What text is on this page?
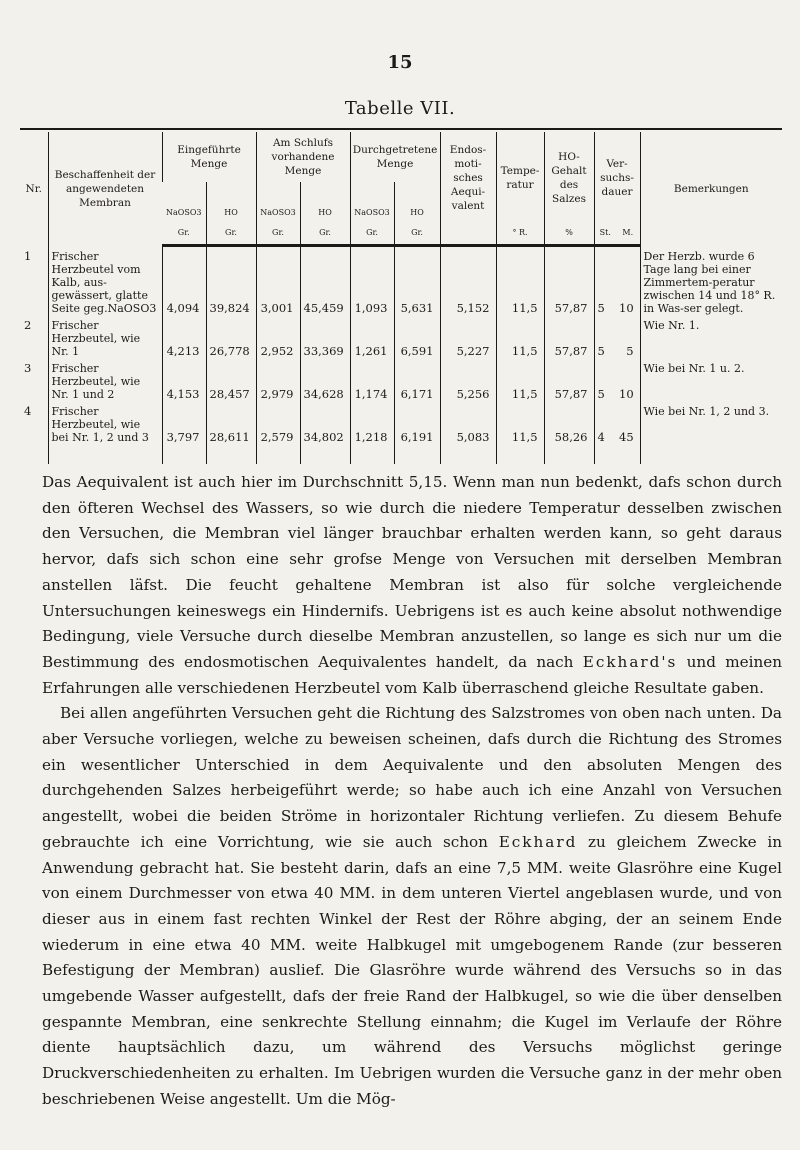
15
Tabelle VII.
Nr.	Beschaffenheit der angewendeten Membran	Eingeführte Menge		Am Schlufs vorhandene Menge		Durchgetretene Menge		Endos-moti-sches Aequi-valent	Tempe-ratur	HO-Gehalt des Salzes	Ver-suchs-dauer		Bemerkungen
		NaOSO3	HO	NaOSO3	HO	NaOSO3	HO						
		Gr.	Gr.	Gr.	Gr.	Gr.	Gr.		° R.	%	St.	M.	
1	Frischer Herzbeutel vom Kalb, aus-gewässert, glatte Seite geg.NaOSO3	4,094	39,824	3,001	45,459	1,093	5,631	5,152	11,5	57,87	5	10	Der Herzb. wurde 6 Tage lang bei einer Zimmertem-peratur zwischen 14 und 18° R. in Was-ser gelegt.
2	Frischer Herzbeutel, wie Nr. 1	4,213	26,778	2,952	33,369	1,261	6,591	5,227	11,5	57,87	5	5	Wie Nr. 1.
3	Frischer Herzbeutel, wie Nr. 1 und 2	4,153	28,457	2,979	34,628	1,174	6,171	5,256	11,5	57,87	5	10	Wie bei Nr. 1 u. 2.
4	Frischer Herzbeutel, wie bei Nr. 1, 2 und 3	3,797	28,611	2,579	34,802	1,218	6,191	5,083	11,5	58,26	4	45	Wie bei Nr. 1, 2 und 3.

Das Aequivalent ist auch hier im Durchschnitt 5,15. Wenn man nun bedenkt, dafs schon durch den öfteren Wechsel des Wassers, so wie durch die niedere Temperatur desselben zwischen den Versuchen, die Membran viel länger brauchbar erhalten werden kann, so geht daraus hervor, dafs sich schon eine sehr grofse Menge von Versuchen mit derselben Membran anstellen läfst. Die feucht gehaltene Membran ist also für solche vergleichende Untersuchungen keineswegs ein Hindernifs. Uebrigens ist es auch keine absolut nothwendige Bedingung, viele Versuche durch dieselbe Membran anzustellen, so lange es sich nur um die Bestimmung des endosmotischen Aequivalentes handelt, da nach Eckhard's und meinen Erfahrungen alle verschiedenen Herzbeutel vom Kalb überraschend gleiche Resultate gaben.

Bei allen angeführten Versuchen geht die Richtung des Salzstromes von oben nach unten. Da aber Versuche vorliegen, welche zu beweisen scheinen, dafs durch die Richtung des Stromes ein wesentlicher Unterschied in dem Aequivalente und den absoluten Mengen des durchgehenden Salzes herbeigeführt werde; so habe auch ich eine Anzahl von Versuchen angestellt, wobei die beiden Ströme in horizontaler Richtung verliefen. Zu diesem Behufe gebrauchte ich eine Vorrichtung, wie sie auch schon Eckhard zu gleichem Zwecke in Anwendung gebracht hat. Sie besteht darin, dafs an eine 7,5 MM. weite Glasröhre eine Kugel von einem Durchmesser von etwa 40 MM. in dem unteren Viertel angeblasen wurde, und von dieser aus in einem fast rechten Winkel der Rest der Röhre abging, der an seinem Ende wiederum in eine etwa 40 MM. weite Halbkugel mit umgebogenem Rande (zur besseren Befestigung der Membran) auslief. Die Glasröhre wurde während des Versuchs so in das umgebende Wasser aufgestellt, dafs der freie Rand der Halbkugel, so wie die über denselben gespannte Membran, eine senkrechte Stellung einnahm; die Kugel im Verlaufe der Röhre diente hauptsächlich dazu, um während des Versuchs möglichst geringe Druckverschiedenheiten zu erhalten. Im Uebrigen wurden die Versuche ganz in der mehr oben beschriebenen Weise angestellt. Um die Mög-
